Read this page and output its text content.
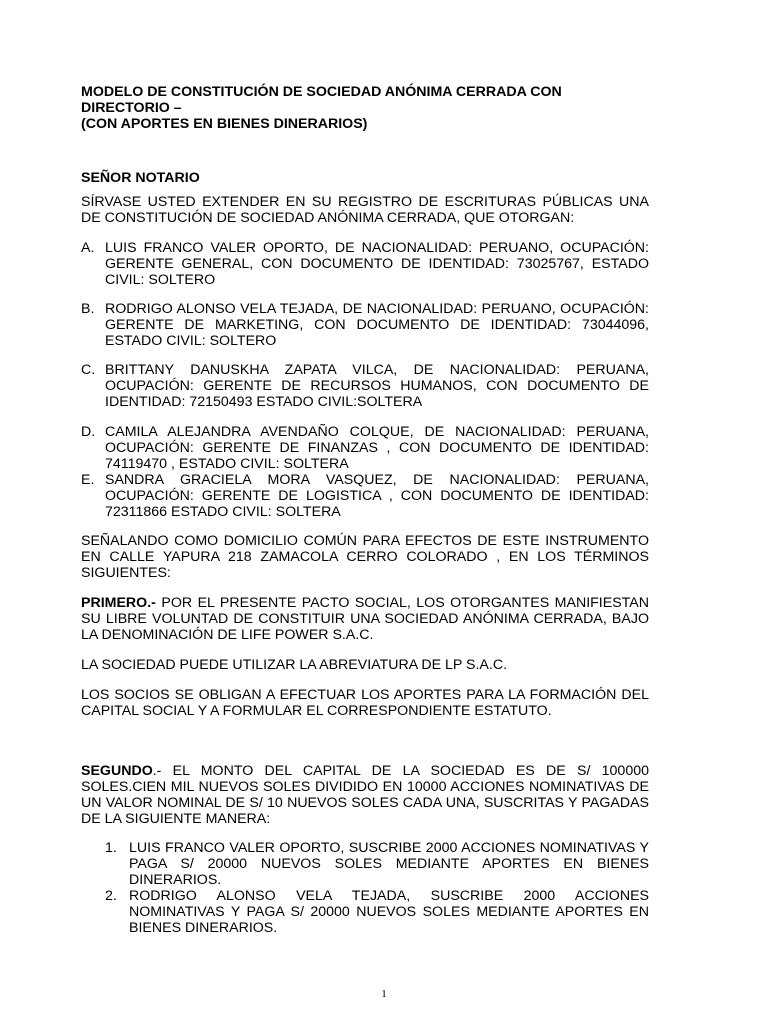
MODELO DE CONSTITUCIÓN DE SOCIEDAD ANÓNIMA CERRADA CON

DIRECTORIO –

(CON APORTES EN BIENES DINERARIOS)

SEÑOR NOTARIO

SÍRVASE USTED EXTENDER EN SU REGISTRO DE ESCRITURAS PÚBLICAS UNA DE CONSTITUCIÓN DE SOCIEDAD ANÓNIMA CERRADA, QUE OTORGAN:

A. LUIS FRANCO VALER OPORTO, DE NACIONALIDAD: PERUANO, OCUPACIÓN: GERENTE GENERAL, CON DOCUMENTO DE IDENTIDAD: 73025767, ESTADO CIVIL: SOLTERO
B. RODRIGO ALONSO VELA TEJADA, DE NACIONALIDAD: PERUANO, OCUPACIÓN: GERENTE DE MARKETING, CON DOCUMENTO DE IDENTIDAD: 73044096, ESTADO CIVIL: SOLTERO
C. BRITTANY DANUSKHA ZAPATA VILCA, DE NACIONALIDAD: PERUANA, OCUPACIÓN: GERENTE DE RECURSOS HUMANOS, CON DOCUMENTO DE IDENTIDAD: 72150493 ESTADO CIVIL:SOLTERA
D. CAMILA ALEJANDRA AVENDAÑO COLQUE, DE NACIONALIDAD: PERUANA, OCUPACIÓN: GERENTE DE FINANZAS , CON DOCUMENTO DE IDENTIDAD: 74119470 , ESTADO CIVIL: SOLTERA
E. SANDRA GRACIELA MORA VASQUEZ, DE NACIONALIDAD: PERUANA, OCUPACIÓN: GERENTE DE LOGISTICA , CON DOCUMENTO DE IDENTIDAD: 72311866 ESTADO CIVIL: SOLTERA

SEÑALANDO COMO DOMICILIO COMÚN PARA EFECTOS DE ESTE INSTRUMENTO EN CALLE YAPURA 218 ZAMACOLA CERRO COLORADO , EN LOS TÉRMINOS SIGUIENTES:

PRIMERO.- POR EL PRESENTE PACTO SOCIAL, LOS OTORGANTES MANIFIESTAN SU LIBRE VOLUNTAD DE CONSTITUIR UNA SOCIEDAD ANÓNIMA CERRADA, BAJO LA DENOMINACIÓN DE LIFE POWER S.A.C.

LA SOCIEDAD PUEDE UTILIZAR LA ABREVIATURA DE LP S.A.C.

LOS SOCIOS SE OBLIGAN A EFECTUAR LOS APORTES PARA LA FORMACIÓN DEL CAPITAL SOCIAL Y A FORMULAR EL CORRESPONDIENTE ESTATUTO.

SEGUNDO.- EL MONTO DEL CAPITAL DE LA SOCIEDAD ES DE S/ 100000 SOLES.CIEN MIL NUEVOS SOLES DIVIDIDO EN 10000 ACCIONES NOMINATIVAS DE UN VALOR NOMINAL DE S/ 10 NUEVOS SOLES CADA UNA, SUSCRITAS Y PAGADAS DE LA SIGUIENTE MANERA:

1. LUIS FRANCO VALER OPORTO, SUSCRIBE 2000 ACCIONES NOMINATIVAS Y PAGA S/ 20000 NUEVOS SOLES MEDIANTE APORTES EN BIENES DINERARIOS.
2. RODRIGO ALONSO VELA TEJADA, SUSCRIBE 2000 ACCIONES NOMINATIVAS Y PAGA S/ 20000 NUEVOS SOLES MEDIANTE APORTES EN BIENES DINERARIOS.
1
